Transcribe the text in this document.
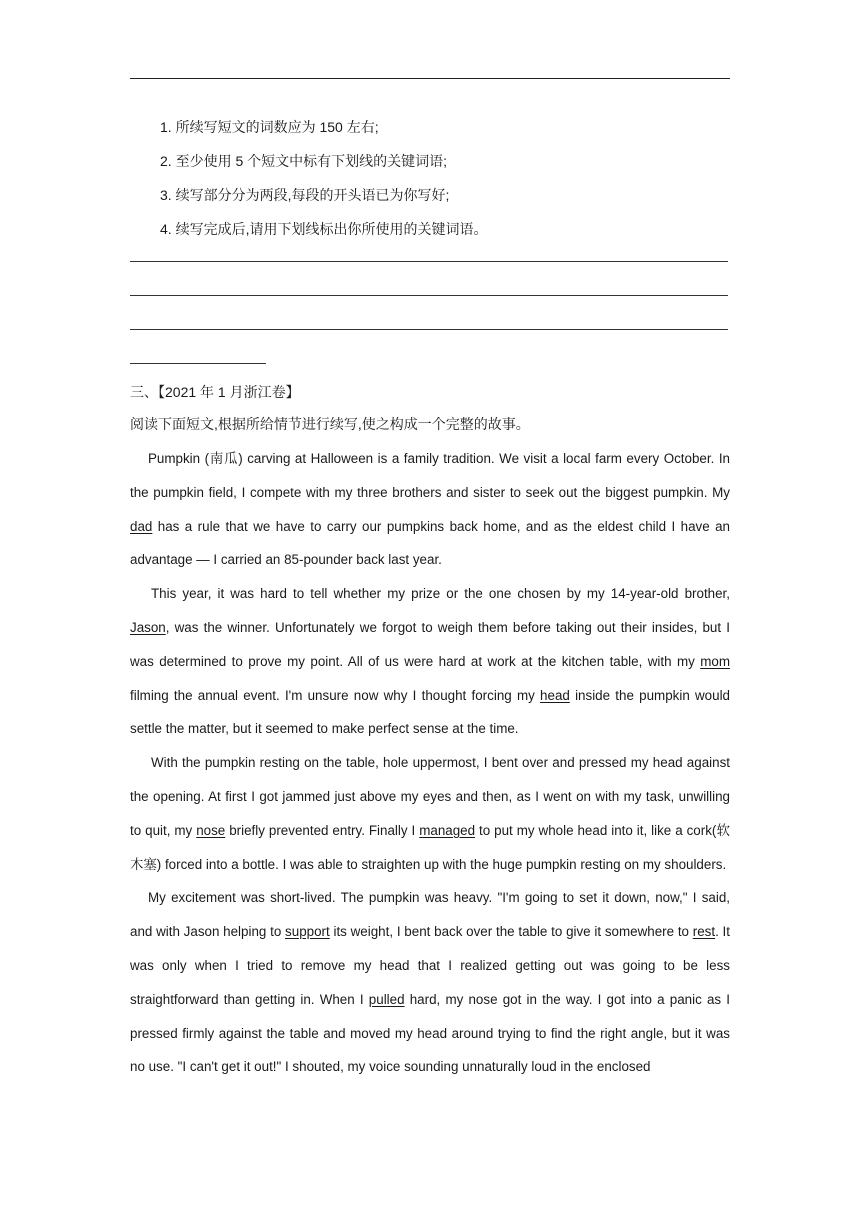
1. 所续写短文的词数应为 150 左右;
2. 至少使用 5 个短文中标有下划线的关键词语;
3. 续写部分分为两段,每段的开头语已为你写好;
4. 续写完成后,请用下划线标出你所使用的关键词语。
三、【2021 年 1 月浙江卷】
阅读下面短文,根据所给情节进行续写,使之构成一个完整的故事。

Pumpkin (南瓜) carving at Halloween is a family tradition. We visit a local farm every October. In the pumpkin field, I compete with my three brothers and sister to seek out the biggest pumpkin. My dad has a rule that we have to carry our pumpkins back home, and as the eldest child I have an advantage — I carried an 85-pounder back last year.

This year, it was hard to tell whether my prize or the one chosen by my 14-year-old brother, Jason, was the winner. Unfortunately we forgot to weigh them before taking out their insides, but I was determined to prove my point. All of us were hard at work at the kitchen table, with my mom filming the annual event. I'm unsure now why I thought forcing my head inside the pumpkin would settle the matter, but it seemed to make perfect sense at the time.

With the pumpkin resting on the table, hole uppermost, I bent over and pressed my head against the opening. At first I got jammed just above my eyes and then, as I went on with my task, unwilling to quit, my nose briefly prevented entry. Finally I managed to put my whole head into it, like a cork(软木塞) forced into a bottle. I was able to straighten up with the huge pumpkin resting on my shoulders.

My excitement was short-lived. The pumpkin was heavy. "I'm going to set it down, now," I said, and with Jason helping to support its weight, I bent back over the table to give it somewhere to rest. It was only when I tried to remove my head that I realized getting out was going to be less straightforward than getting in. When I pulled hard, my nose got in the way. I got into a panic as I pressed firmly against the table and moved my head around trying to find the right angle, but it was no use. "I can't get it out!" I shouted, my voice sounding unnaturally loud in the enclosed
